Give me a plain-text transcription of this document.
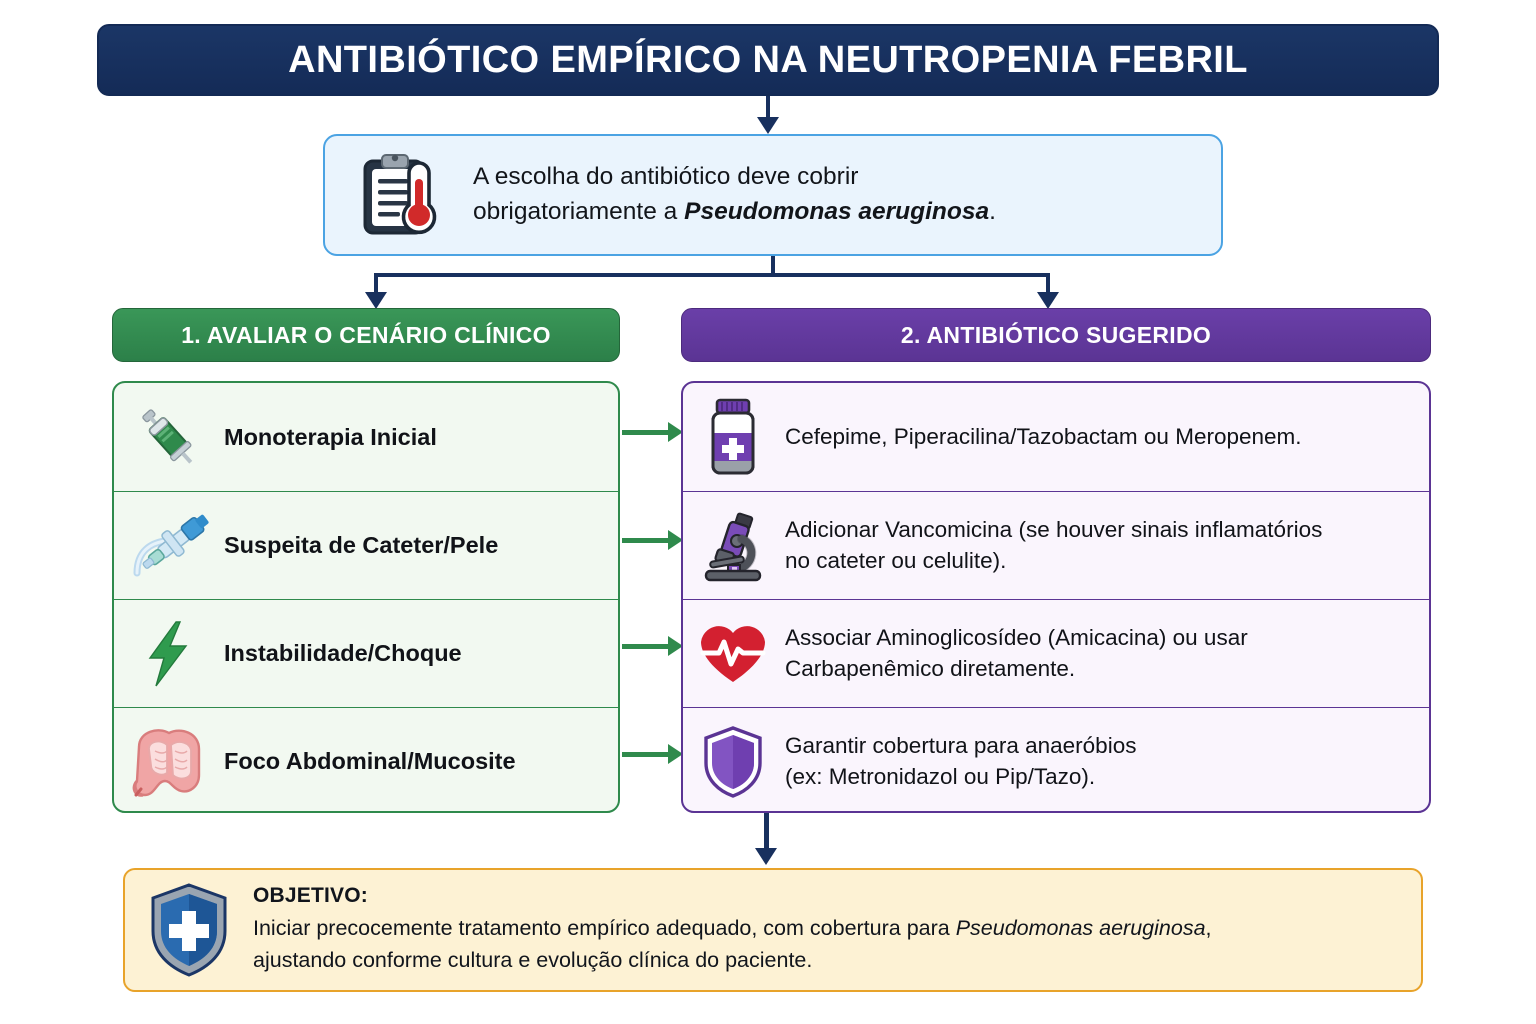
ANTIBIÓTICO EMPÍRICO NA NEUTROPENIA FEBRIL
A escolha do antibiótico deve cobrir
obrigatoriamente a Pseudomonas aeruginosa.
1. AVALIAR O CENÁRIO CLÍNICO	2. ANTIBIÓTICO SUGERIDO
Monoterapia Inicial
Suspeita de Cateter/Pele
Instabilidade/Choque
Foco Abdominal/Mucosite
Cefepime, Piperacilina/Tazobactam ou Meropenem.
Adicionar Vancomicina (se houver sinais inflamatórios
no cateter ou celulite).
Associar Aminoglicosídeo (Amicacina) ou usar
Carbapenêmico diretamente.
Garantir cobertura para anaeróbios
(ex: Metronidazol ou Pip/Tazo).
OBJETIVO:
Iniciar precocemente tratamento empírico adequado, com cobertura para Pseudomonas aeruginosa,
ajustando conforme cultura e evolução clínica do paciente.
